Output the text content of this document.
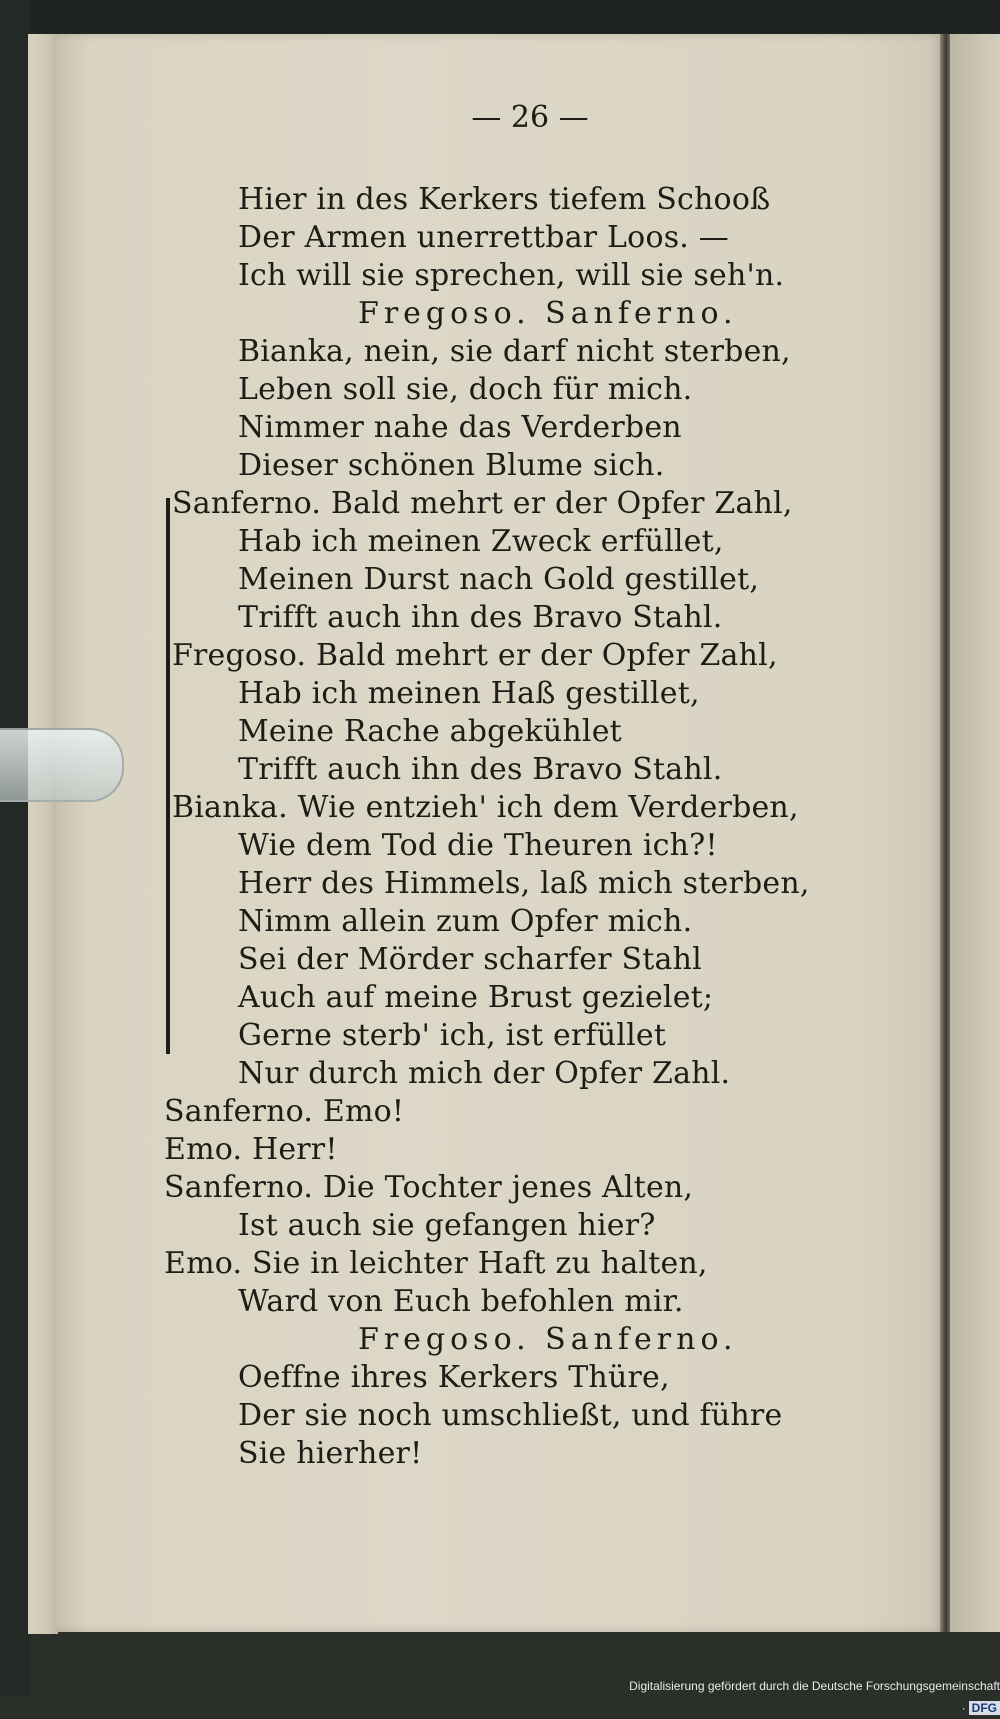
— 26 —
Hier in des Kerkers tiefem Schooß
Der Armen unerrettbar Loos. —
Ich will sie sprechen, will sie seh'n.
Fregoso. Sanferno.
Bianka, nein, sie darf nicht sterben,
Leben soll sie, doch für mich.
Nimmer nahe das Verderben
Dieser schönen Blume sich.
Sanferno. Bald mehrt er der Opfer Zahl,
Hab ich meinen Zweck erfüllet,
Meinen Durst nach Gold gestillet,
Trifft auch ihn des Bravo Stahl.
Fregoso. Bald mehrt er der Opfer Zahl,
Hab ich meinen Haß gestillet,
Meine Rache abgekühlet
Trifft auch ihn des Bravo Stahl.
Bianka. Wie entzieh' ich dem Verderben,
Wie dem Tod die Theuren ich?!
Herr des Himmels, laß mich sterben,
Nimm allein zum Opfer mich.
Sei der Mörder scharfer Stahl
Auch auf meine Brust gezielet;
Gerne sterb' ich, ist erfüllet
Nur durch mich der Opfer Zahl.
Sanferno. Emo!
Emo. Herr!
Sanferno. Die Tochter jenes Alten,
Ist auch sie gefangen hier?
Emo. Sie in leichter Haft zu halten,
Ward von Euch befohlen mir.
Fregoso. Sanferno.
Oeffne ihres Kerkers Thüre,
Der sie noch umschließt, und führe
Sie hierher!
Digitalisierung gefördert durch die Deutsche Forschungsgemeinschaft · DFG
